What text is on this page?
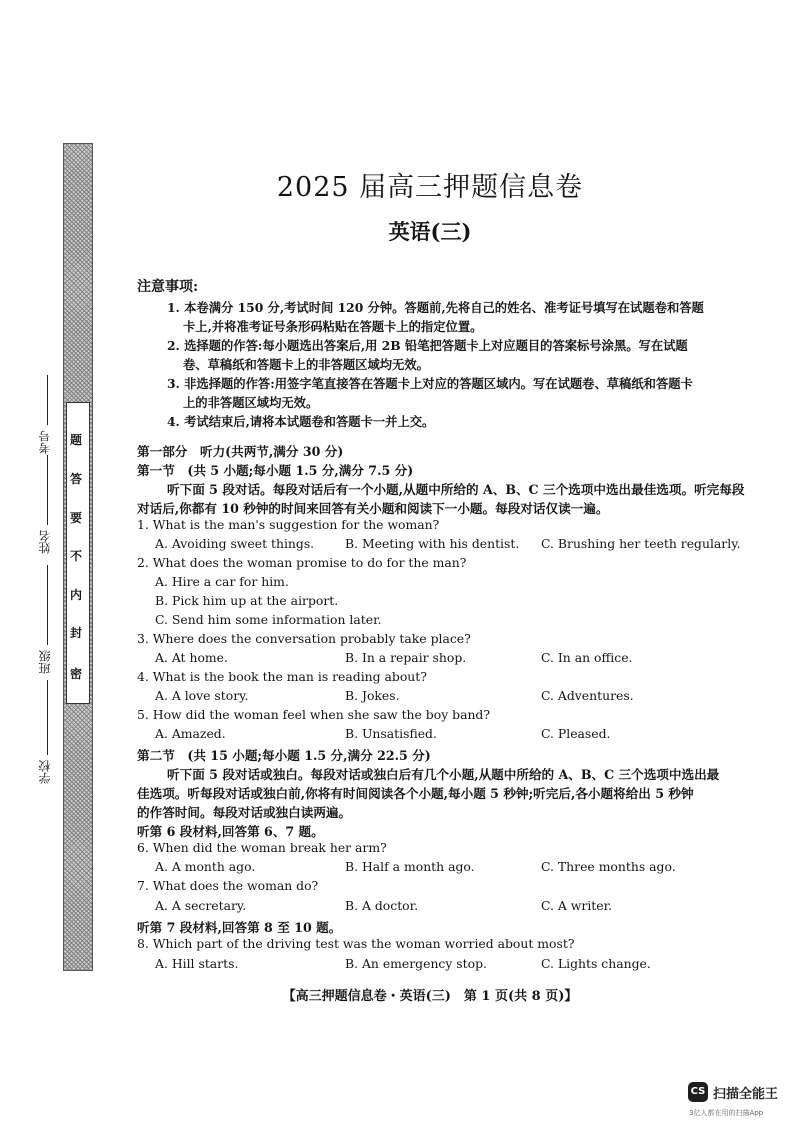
密
封
内
不
要
答
题
学校
班级
姓名
考号
2025 届高三押题信息卷
英语(三)
注意事项:
1. 本卷满分 150 分,考试时间 120 分钟。答题前,先将自己的姓名、准考证号填写在试题卷和答题
卡上,并将准考证号条形码粘贴在答题卡上的指定位置。
2. 选择题的作答:每小题选出答案后,用 2B 铅笔把答题卡上对应题目的答案标号涂黑。写在试题
卷、草稿纸和答题卡上的非答题区域均无效。
3. 非选择题的作答:用签字笔直接答在答题卡上对应的答题区域内。写在试题卷、草稿纸和答题卡
上的非答题区域均无效。
4. 考试结束后,请将本试题卷和答题卡一并上交。
第一部分　听力(共两节,满分 30 分)
第一节　(共 5 小题;每小题 1.5 分,满分 7.5 分)
听下面 5 段对话。每段对话后有一个小题,从题中所给的 A、B、C 三个选项中选出最佳选项。听完每段
对话后,你都有 10 秒钟的时间来回答有关小题和阅读下一小题。每段对话仅读一遍。
1. What is the man's suggestion for the woman?
A. Avoiding sweet things. B. Meeting with his dentist. C. Brushing her teeth regularly.
2. What does the woman promise to do for the man?
A. Hire a car for him.
B. Pick him up at the airport.
C. Send him some information later.
3. Where does the conversation probably take place?
A. At home.	B. In a repair shop.	C. In an office.
4. What is the book the man is reading about?
A. A love story.	B. Jokes.	C. Adventures.
5. How did the woman feel when she saw the boy band?
A. Amazed.	B. Unsatisfied.	C. Pleased.
第二节　(共 15 小题;每小题 1.5 分,满分 22.5 分)
听下面 5 段对话或独白。每段对话或独白后有几个小题,从题中所给的 A、B、C 三个选项中选出最
佳选项。听每段对话或独白前,你将有时间阅读各个小题,每小题 5 秒钟;听完后,各小题将给出 5 秒钟
的作答时间。每段对话或独白读两遍。
听第 6 段材料,回答第 6、7 题。
6. When did the woman break her arm?
A. A month ago.	B. Half a month ago.	C. Three months ago.
7. What does the woman do?
A. A secretary.	B. A doctor.	C. A writer.
听第 7 段材料,回答第 8 至 10 题。
8. Which part of the driving test was the woman worried about most?
A. Hill starts.	B. An emergency stop.	C. Lights change.
【高三押题信息卷・英语(三)　第 1 页(共 8 页)】
CS 扫描全能王
3亿人都在用的扫描App
